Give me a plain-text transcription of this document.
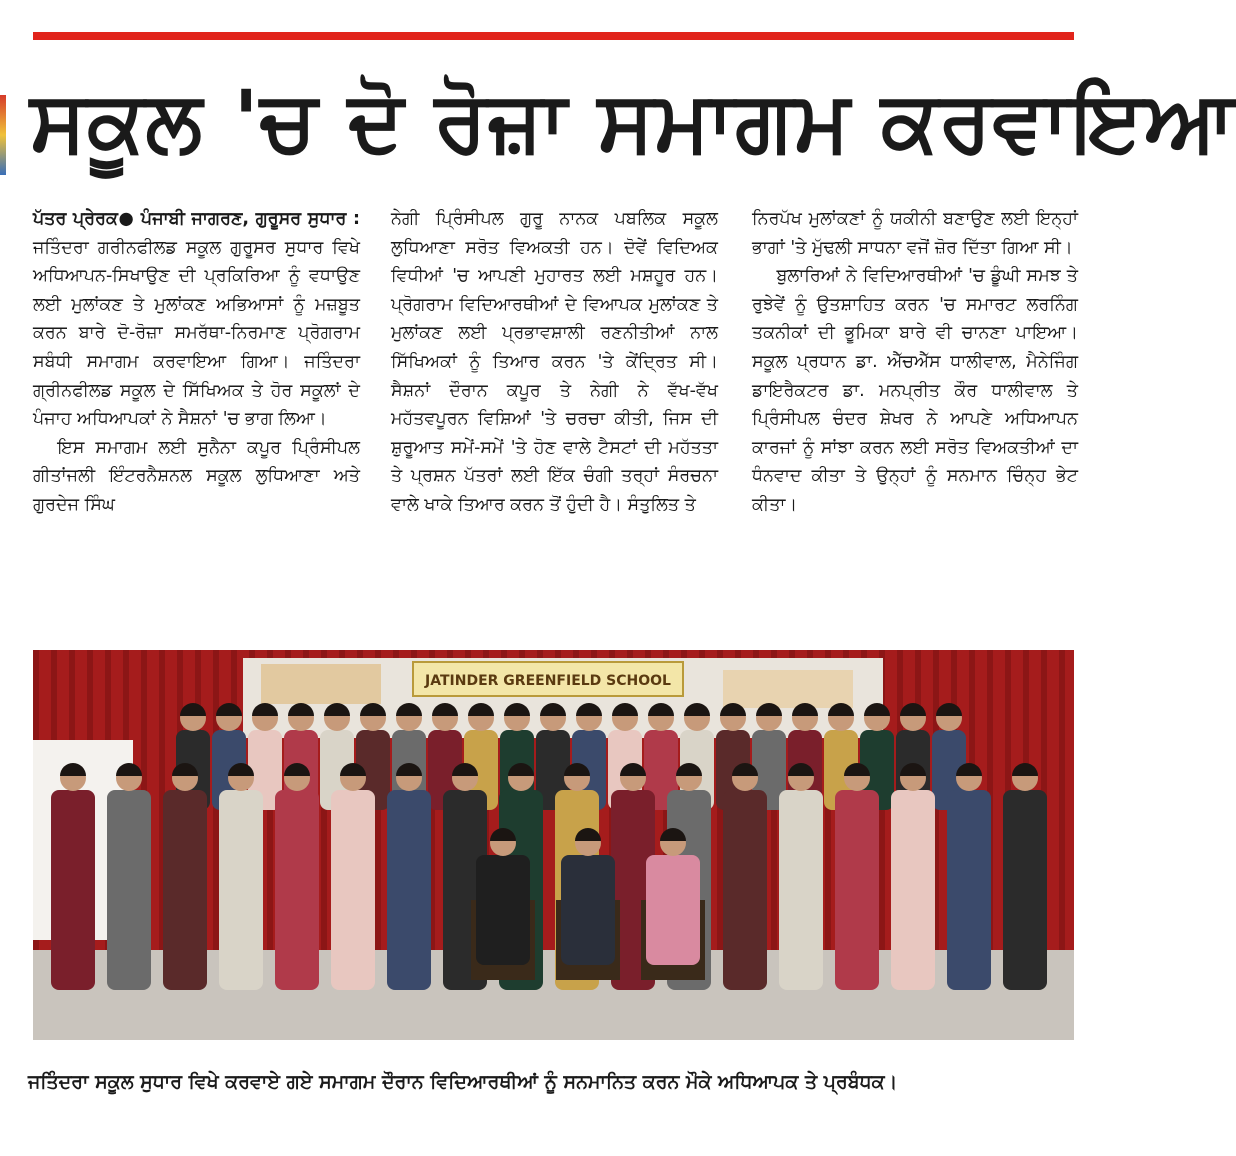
ਸਕੂਲ 'ਚ ਦੋ ਰੋਜ਼ਾ ਸਮਾਗਮ ਕਰਵਾਇਆ

ਪੱਤਰ ਪ੍ਰੇਰਕ● ਪੰਜਾਬੀ ਜਾਗਰਣ, ਗੁਰੂਸਰ ਸੁਧਾਰ : ਜਤਿੰਦਰਾ ਗਰੀਨਫੀਲਡ ਸਕੂਲ ਗੁਰੂਸਰ ਸੁਧਾਰ ਵਿਖੇ ਅਧਿਆਪਨ-ਸਿਖਾਉਣ ਦੀ ਪ੍ਰਕਿਰਿਆ ਨੂੰ ਵਧਾਉਣ ਲਈ ਮੁਲਾਂਕਣ ਤੇ ਮੁਲਾਂਕਣ ਅਭਿਆਸਾਂ ਨੂੰ ਮਜ਼ਬੂਤ ਕਰਨ ਬਾਰੇ ਦੋ-ਰੋਜ਼ਾ ਸਮਰੱਥਾ-ਨਿਰਮਾਣ ਪ੍ਰੋਗਰਾਮ ਸਬੰਧੀ ਸਮਾਗਮ ਕਰਵਾਇਆ ਗਿਆ। ਜਤਿੰਦਰਾ ਗ੍ਰੀਨਫੀਲਡ ਸਕੂਲ ਦੇ ਸਿੱਖਿਅਕ ਤੇ ਹੋਰ ਸਕੂਲਾਂ ਦੇ ਪੰਜਾਹ ਅਧਿਆਪਕਾਂ ਨੇ ਸੈਸ਼ਨਾਂ 'ਚ ਭਾਗ ਲਿਆ।

ਇਸ ਸਮਾਗਮ ਲਈ ਸੁਨੈਨਾ ਕਪੂਰ ਪ੍ਰਿੰਸੀਪਲ ਗੀਤਾਂਜਲੀ ਇੰਟਰਨੈਸ਼ਨਲ ਸਕੂਲ ਲੁਧਿਆਣਾ ਅਤੇ ਗੁਰਦੇਜ ਸਿੰਘ

ਨੇਗੀ ਪ੍ਰਿੰਸੀਪਲ ਗੁਰੂ ਨਾਨਕ ਪਬਲਿਕ ਸਕੂਲ ਲੁਧਿਆਣਾ ਸਰੋਤ ਵਿਅਕਤੀ ਹਨ। ਦੋਵੇਂ ਵਿਦਿਅਕ ਵਿਧੀਆਂ 'ਚ ਆਪਣੀ ਮੁਹਾਰਤ ਲਈ ਮਸ਼ਹੂਰ ਹਨ। ਪ੍ਰੋਗਰਾਮ ਵਿਦਿਆਰਥੀਆਂ ਦੇ ਵਿਆਪਕ ਮੁਲਾਂਕਣ ਤੇ ਮੁਲਾਂਕਣ ਲਈ ਪ੍ਰਭਾਵਸ਼ਾਲੀ ਰਣਨੀਤੀਆਂ ਨਾਲ ਸਿੱਖਿਅਕਾਂ ਨੂੰ ਤਿਆਰ ਕਰਨ 'ਤੇ ਕੇਂਦ੍ਰਿਤ ਸੀ। ਸੈਸ਼ਨਾਂ ਦੌਰਾਨ ਕਪੂਰ ਤੇ ਨੇਗੀ ਨੇ ਵੱਖ-ਵੱਖ ਮਹੱਤਵਪੂਰਨ ਵਿਸ਼ਿਆਂ 'ਤੇ ਚਰਚਾ ਕੀਤੀ, ਜਿਸ ਦੀ ਸ਼ੁਰੂਆਤ ਸਮੇਂ-ਸਮੇਂ 'ਤੇ ਹੋਣ ਵਾਲੇ ਟੈਸਟਾਂ ਦੀ ਮਹੱਤਤਾ ਤੇ ਪ੍ਰਸ਼ਨ ਪੱਤਰਾਂ ਲਈ ਇੱਕ ਚੰਗੀ ਤਰ੍ਹਾਂ ਸੰਰਚਨਾ ਵਾਲੇ ਖਾਕੇ ਤਿਆਰ ਕਰਨ ਤੋਂ ਹੁੰਦੀ ਹੈ। ਸੰਤੁਲਿਤ ਤੇ

ਨਿਰਪੱਖ ਮੁਲਾਂਕਣਾਂ ਨੂੰ ਯਕੀਨੀ ਬਣਾਉਣ ਲਈ ਇਨ੍ਹਾਂ ਭਾਗਾਂ 'ਤੇ ਮੁੱਢਲੀ ਸਾਧਨਾ ਵਜੋਂ ਜ਼ੋਰ ਦਿੱਤਾ ਗਿਆ ਸੀ।

ਬੁਲਾਰਿਆਂ ਨੇ ਵਿਦਿਆਰਥੀਆਂ 'ਚ ਡੂੰਘੀ ਸਮਝ ਤੇ ਰੁਝੇਵੇਂ ਨੂੰ ਉਤਸ਼ਾਹਿਤ ਕਰਨ 'ਚ ਸਮਾਰਟ ਲਰਨਿੰਗ ਤਕਨੀਕਾਂ ਦੀ ਭੂਮਿਕਾ ਬਾਰੇ ਵੀ ਚਾਨਣਾ ਪਾਇਆ। ਸਕੂਲ ਪ੍ਰਧਾਨ ਡਾ. ਐੱਚਐੱਸ ਧਾਲੀਵਾਲ, ਮੈਨੇਜਿੰਗ ਡਾਇਰੈਕਟਰ ਡਾ. ਮਨਪ੍ਰੀਤ ਕੌਰ ਧਾਲੀਵਾਲ ਤੇ ਪ੍ਰਿੰਸੀਪਲ ਚੰਦਰ ਸ਼ੇਖਰ ਨੇ ਆਪਣੇ ਅਧਿਆਪਨ ਕਾਰਜਾਂ ਨੂੰ ਸਾਂਝਾ ਕਰਨ ਲਈ ਸਰੋਤ ਵਿਅਕਤੀਆਂ ਦਾ ਧੰਨਵਾਦ ਕੀਤਾ ਤੇ ਉਨ੍ਹਾਂ ਨੂੰ ਸਨਮਾਨ ਚਿੰਨ੍ਹ ਭੇਟ ਕੀਤਾ।

JATINDER GREENFIELD SCHOOL

ਜਤਿੰਦਰਾ ਸਕੂਲ ਸੁਧਾਰ ਵਿਖੇ ਕਰਵਾਏ ਗਏ ਸਮਾਗਮ ਦੌਰਾਨ ਵਿਦਿਆਰਥੀਆਂ ਨੂੰ ਸਨਮਾਨਿਤ ਕਰਨ ਮੌਕੇ ਅਧਿਆਪਕ ਤੇ ਪ੍ਰਬੰਧਕ।
